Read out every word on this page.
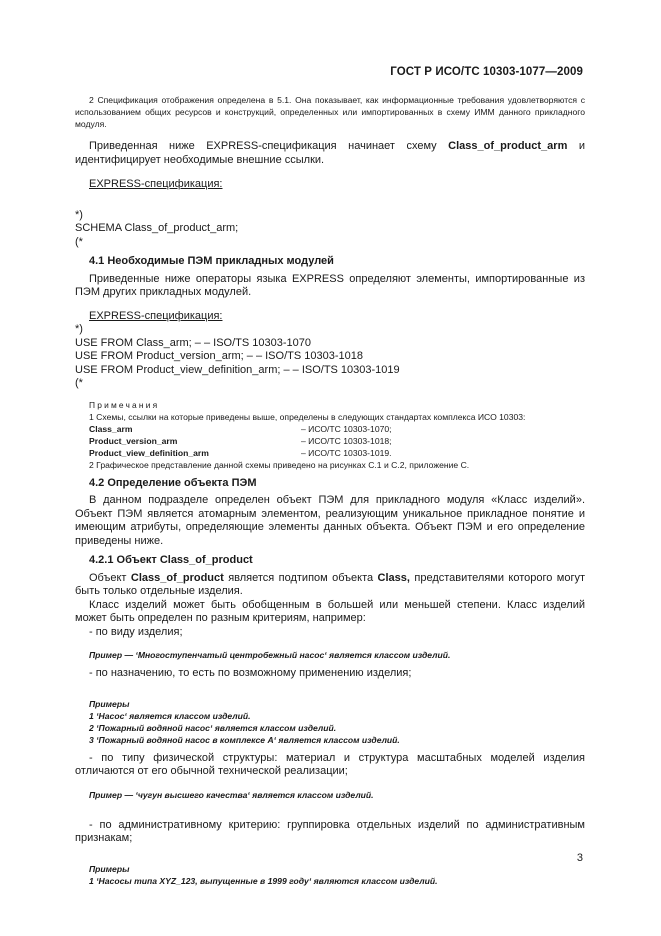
ГОСТ Р ИСО/ТС 10303-1077—2009

2 Спецификация отображения определена в 5.1. Она показывает, как информационные требования удовлетворяются с использованием общих ресурсов и конструкций, определенных или импортированных в схему ИММ данного прикладного модуля.

Приведенная ниже EXPRESS-спецификация начинает схему Class_of_product_arm и идентифицирует необходимые внешние ссылки.

EXPRESS-спецификация:

*)

SCHEMA Class_of_product_arm;

(*

4.1 Необходимые ПЭМ прикладных модулей

Приведенные ниже операторы языка EXPRESS определяют элементы, импортированные из ПЭМ других прикладных модулей.

EXPRESS-спецификация:

*)

USE FROM Class_arm; – – ISO/TS 10303-1070

USE FROM Product_version_arm; – – ISO/TS 10303-1018

USE FROM Product_view_definition_arm; – – ISO/TS 10303-1019

(*

Примечания

1 Схемы, ссылки на которые приведены выше, определены в следующих стандартах комплекса ИСО 10303:

Class_arm	– ИСО/ТС 10303-1070;
Product_version_arm	– ИСО/ТС 10303-1018;
Product_view_definition_arm	– ИСО/ТС 10303-1019.

2 Графическое представление данной схемы приведено на рисунках С.1 и С.2, приложение С.

4.2 Определение объекта ПЭМ

В данном подразделе определен объект ПЭМ для прикладного модуля «Класс изделий». Объект ПЭМ является атомарным элементом, реализующим уникальное прикладное понятие и имеющим атрибуты, определяющие элементы данных объекта. Объект ПЭМ и его определение приведены ниже.

4.2.1 Объект Class_of_product

Объект Class_of_product является подтипом объекта Class, представителями которого могут быть только отдельные изделия.

Класс изделий может быть обобщенным в большей или меньшей степени. Класс изделий может быть определен по разным критериям, например:

- по виду изделия;

Пример — ‘Многоступенчатый центробежный насос‘ является классом изделий.

- по назначению, то есть по возможному применению изделия;

Примеры

1 ‘Насос‘ является классом изделий.

2 ‘Пожарный водяной насос‘ является классом изделий.

3 ‘Пожарный водяной насос в комплексе А‘ является классом изделий.

- по типу физической структуры: материал и структура масштабных моделей изделия отличаются от его обычной технической реализации;

Пример — ‘чугун высшего качества‘ является классом изделий.

- по административному критерию: группировка отдельных изделий по административным признакам;

Примеры

1 ‘Насосы типа XYZ_123, выпущенные в 1999 году‘ являются классом изделий.

3
